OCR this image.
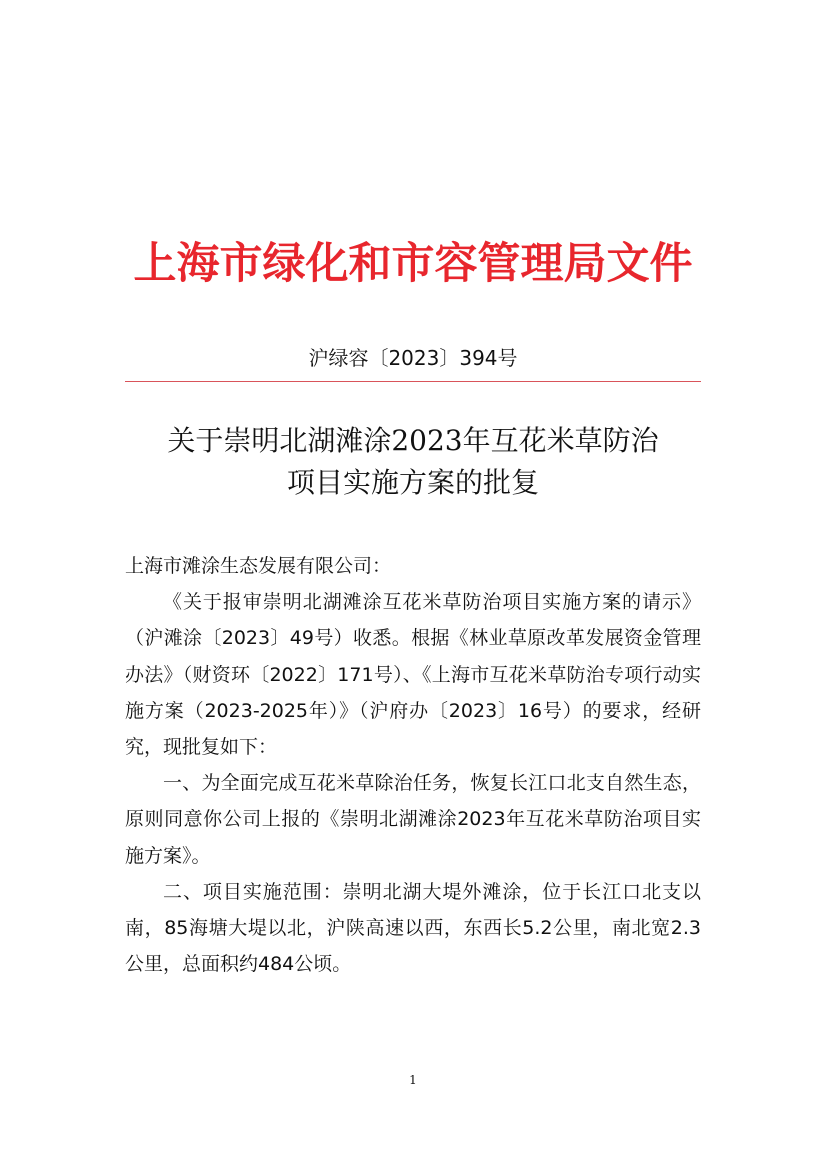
上海市绿化和市容管理局文件
沪绿容〔2023〕394号
关于崇明北湖滩涂2023年互花米草防治
项目实施方案的批复

上海市滩涂生态发展有限公司：

《关于报审崇明北湖滩涂互花米草防治项目实施方案的请示》（沪滩涂〔2023〕49号）收悉。根据《林业草原改革发展资金管理办法》（财资环〔2022〕171号）、《上海市互花米草防治专项行动实施方案（2023-2025年）》（沪府办〔2023〕16号）的要求，经研究，现批复如下：

一、为全面完成互花米草除治任务，恢复长江口北支自然生态，原则同意你公司上报的《崇明北湖滩涂2023年互花米草防治项目实施方案》。

二、项目实施范围：崇明北湖大堤外滩涂，位于长江口北支以南，85海塘大堤以北，沪陕高速以西，东西长5.2公里，南北宽2.3公里，总面积约484公顷。

1
